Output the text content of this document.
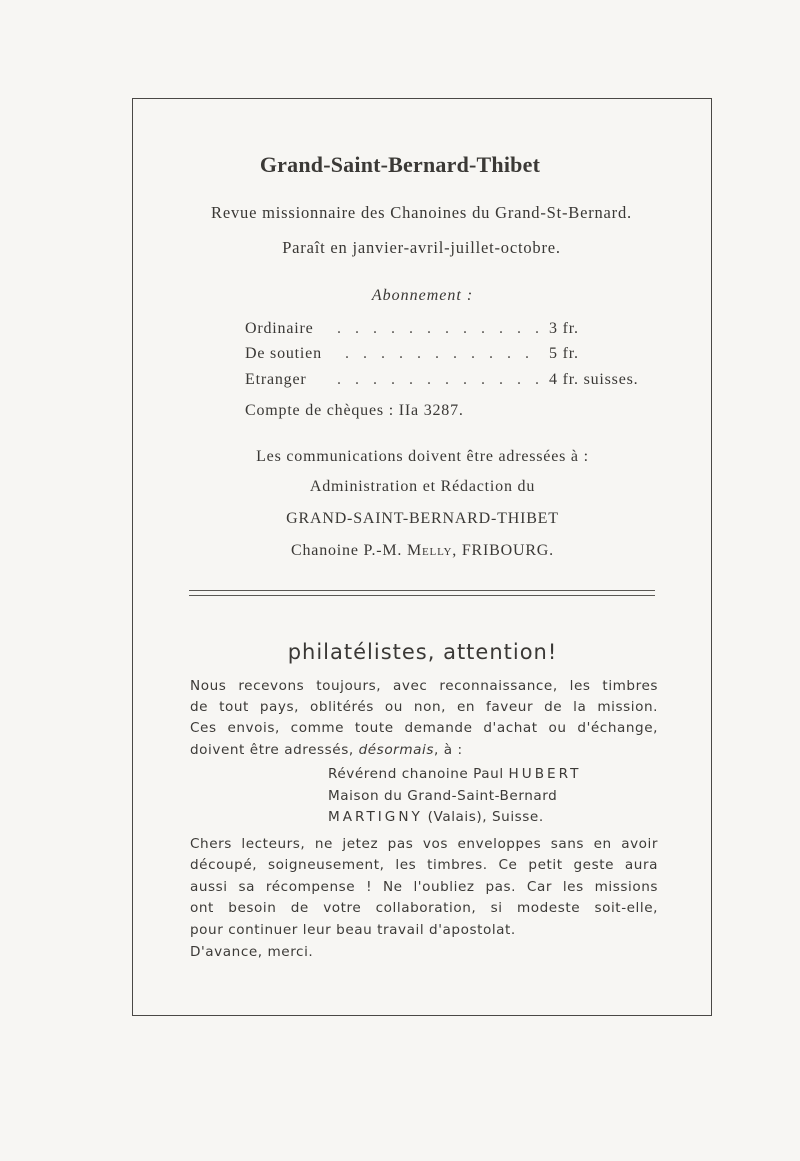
Grand-Saint-Bernard-Thibet
Revue missionnaire des Chanoines du Grand-St-Bernard.
Paraît en janvier-avril-juillet-octobre.
Abonnement :
Ordinaire . . . . . . . . . . . . 3 fr.
De soutien . . . . . . . . . . . 5 fr.
Etranger . . . . . . . . . . . . 4 fr. suisses.
Compte de chèques : IIa 3287.
Les communications doivent être adressées à :
Administration et Rédaction du
GRAND-SAINT-BERNARD-THIBET
Chanoine P.-M. Melly, FRIBOURG.
philatélistes, attention!
Nous recevons toujours, avec reconnaissance, les timbres
de tout pays, oblitérés ou non, en faveur de la mission.
Ces envois, comme toute demande d'achat ou d'échange,
doivent être adressés, désormais, à :
Révérend chanoine Paul HUBERT
Maison du Grand-Saint-Bernard
MARTIGNY (Valais), Suisse.
Chers lecteurs, ne jetez pas vos enveloppes sans en avoir
découpé, soigneusement, les timbres. Ce petit geste aura
aussi sa récompense ! Ne l'oubliez pas. Car les missions
ont besoin de votre collaboration, si modeste soit-elle,
pour continuer leur beau travail d'apostolat.
D'avance, merci.
